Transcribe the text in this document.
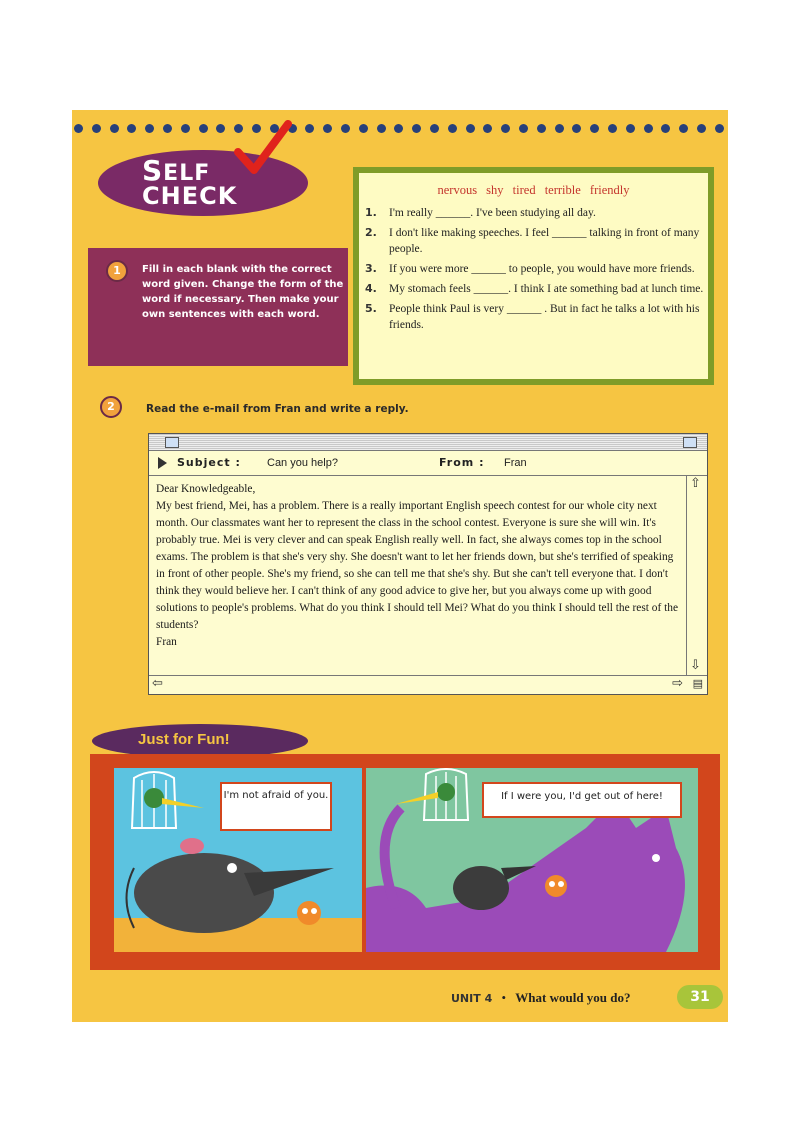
SELF
CHECK
1	Fill in each blank with the correct word given. Change the form of the word if necessary. Then make your own sentences with each word.
nervous shy tired terrible friendly
1.	I'm really ______. I've been studying all day.
2.	I don't like making speeches. I feel ______ talking in front of many people.
3.	If you were more ______ to people, you would have more friends.
4.	My stomach feels ______. I think I ate something bad at lunch time.
5.	People think Paul is very ______ . But in fact he talks a lot with his friends.
2	Read the e-mail from Fran and write a reply.
Subject : Can you help?	From : Fran

Dear Knowledgeable,

My best friend, Mei, has a problem. There is a really important English speech contest for our whole city next month. Our classmates want her to represent the class in the school contest. Everyone is sure she will win. It's probably true. Mei is very clever and can speak English really well. In fact, she always comes top in the school exams. The problem is that she's very shy. She doesn't want to let her friends down, but she's terrified of speaking in front of other people. She's my friend, so she can tell me that she's shy. But she can't tell everyone that. I don't think they would believe her. I can't think of any good advice to give her, but you always come up with good solutions to people's problems. What do you think I should tell Mei? What do you think I should tell the rest of the students?

Fran

⇧
⇩
⇦	⇨ ▤
Just for Fun!
I'm not afraid of you.	If I were you, I'd get out of here!
UNIT 4 • What would you do?	31
